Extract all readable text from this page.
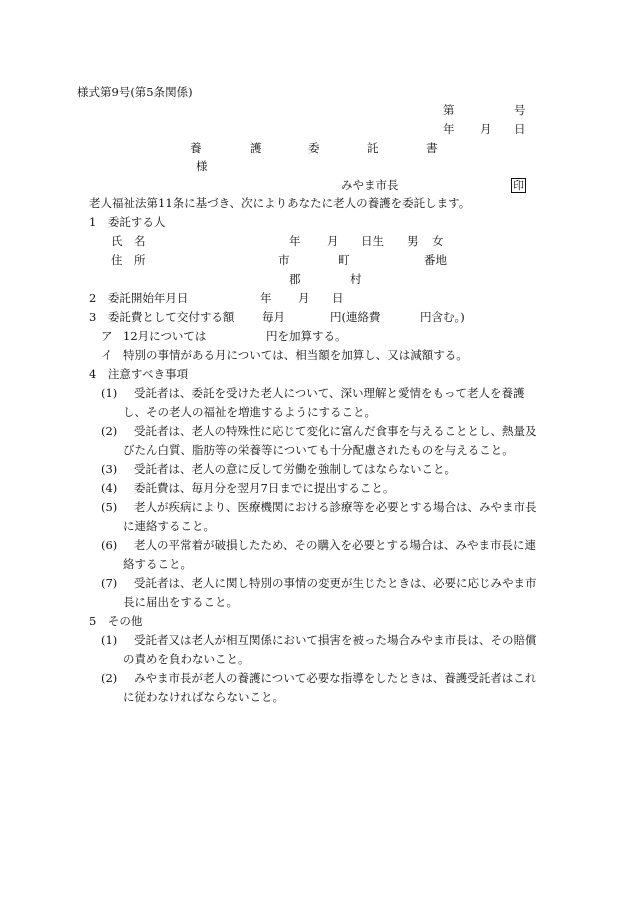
様式第9号(第5条関係)
第	号
年 月 日
養	護	委	託	書
様
みやま市長	印
老人福祉法第11条に基づき、次によりあなたに老人の養護を委託します。
1　委託する人
氏　名	年 月 日生 男 女
住　所	市	町	番地
郡	村
2　委託開始年月日	年 月 日
3　委託費として交付する額 毎月	円(連絡費	円含む。)
ア 12月については	円を加算する。
イ 特別の事情がある月については、相当額を加算し、又は減額する。
4　注意すべき事項
(1) 受託者は、委託を受けた老人について、深い理解と愛情をもって老人を養護
し、その老人の福祉を増進するようにすること。
(2) 受託者は、老人の特殊性に応じて変化に富んだ食事を与えることとし、熱量及
びたん白質、脂肪等の栄養等についても十分配慮されたものを与えること。
(3) 受託者は、老人の意に反して労働を強制してはならないこと。
(4) 委託費は、毎月分を翌月7日までに提出すること。
(5) 老人が疾病により、医療機関における診療等を必要とする場合は、みやま市長
に連絡すること。
(6) 老人の平常着が破損したため、その購入を必要とする場合は、みやま市長に連
絡すること。
(7) 受託者は、老人に関し特別の事情の変更が生じたときは、必要に応じみやま市
長に届出をすること。
5　その他
(1) 受託者又は老人が相互関係において損害を被った場合みやま市長は、その賠償
の責めを負わないこと。
(2) みやま市長が老人の養護について必要な指導をしたときは、養護受託者はこれ
に従わなければならないこと。
